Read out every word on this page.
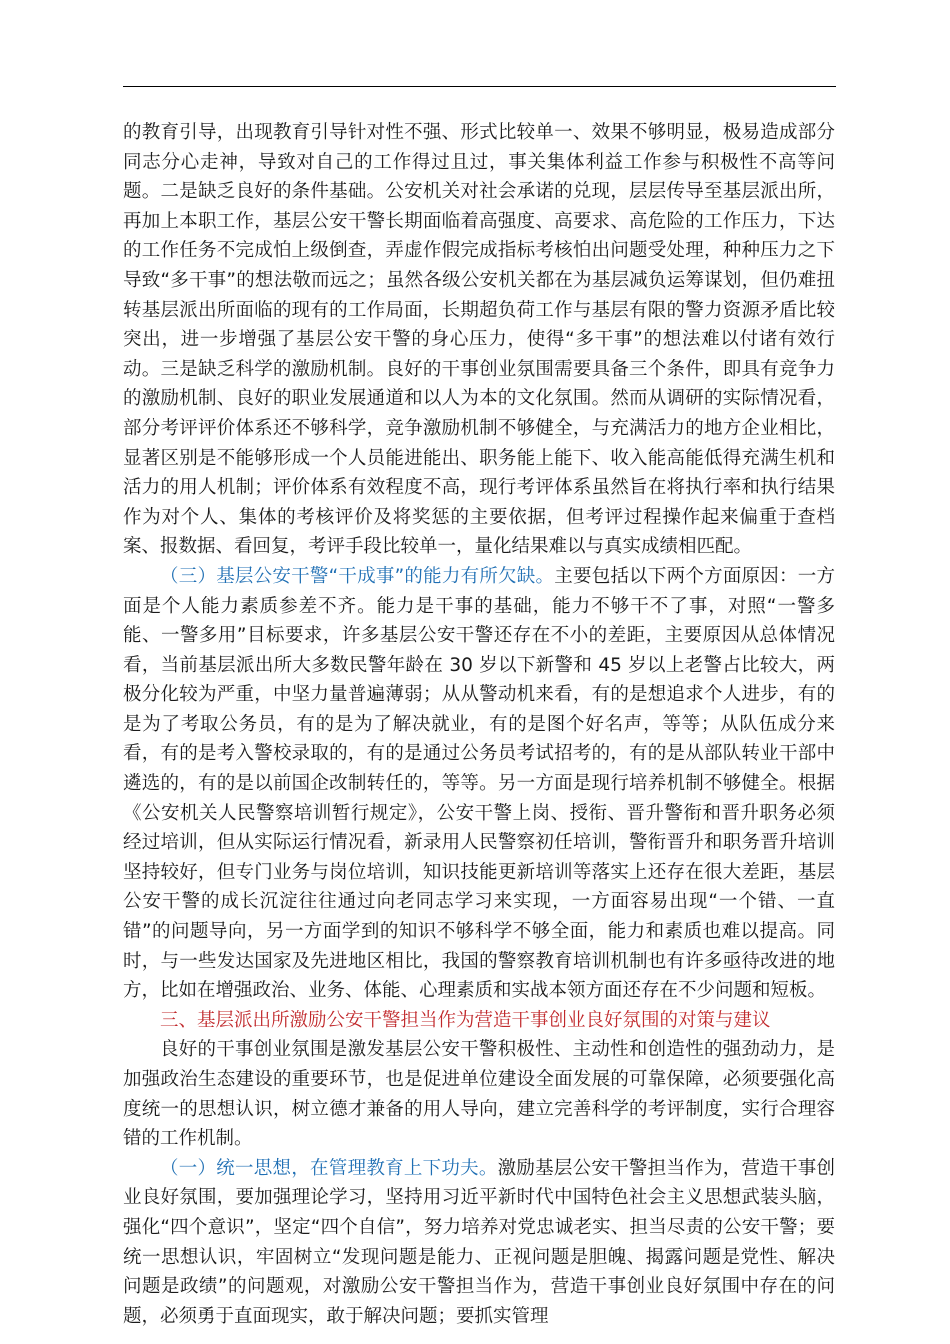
的教育引导，出现教育引导针对性不强、形式比较单一、效果不够明显，极易造成部分同志分心走神，导致对自己的工作得过且过，事关集体利益工作参与积极性不高等问题。二是缺乏良好的条件基础。公安机关对社会承诺的兑现，层层传导至基层派出所，再加上本职工作，基层公安干警长期面临着高强度、高要求、高危险的工作压力，下达的工作任务不完成怕上级倒查，弄虚作假完成指标考核怕出问题受处理，种种压力之下导致“多干事”的想法敬而远之；虽然各级公安机关都在为基层减负运筹谋划，但仍难扭转基层派出所面临的现有的工作局面，长期超负荷工作与基层有限的警力资源矛盾比较突出，进一步增强了基层公安干警的身心压力，使得“多干事”的想法难以付诸有效行动。三是缺乏科学的激励机制。良好的干事创业氛围需要具备三个条件，即具有竞争力的激励机制、良好的职业发展通道和以人为本的文化氛围。然而从调研的实际情况看，部分考评评价体系还不够科学，竞争激励机制不够健全，与充满活力的地方企业相比，显著区别是不能够形成一个人员能进能出、职务能上能下、收入能高能低得充满生机和活力的用人机制；评价体系有效程度不高，现行考评体系虽然旨在将执行率和执行结果作为对个人、集体的考核评价及将奖惩的主要依据，但考评过程操作起来偏重于查档案、报数据、看回复，考评手段比较单一，量化结果难以与真实成绩相匹配。

（三）基层公安干警“干成事”的能力有所欠缺。主要包括以下两个方面原因：一方面是个人能力素质参差不齐。能力是干事的基础，能力不够干不了事，对照“一警多能、一警多用”目标要求，许多基层公安干警还存在不小的差距，主要原因从总体情况看，当前基层派出所大多数民警年龄在 30 岁以下新警和 45 岁以上老警占比较大，两极分化较为严重，中坚力量普遍薄弱；从从警动机来看，有的是想追求个人进步，有的是为了考取公务员，有的是为了解决就业，有的是图个好名声，等等；从队伍成分来看，有的是考入警校录取的，有的是通过公务员考试招考的，有的是从部队转业干部中遴选的，有的是以前国企改制转任的，等等。另一方面是现行培养机制不够健全。根据《公安机关人民警察培训暂行规定》，公安干警上岗、授衔、晋升警衔和晋升职务必须经过培训，但从实际运行情况看，新录用人民警察初任培训，警衔晋升和职务晋升培训坚持较好，但专门业务与岗位培训，知识技能更新培训等落实上还存在很大差距，基层公安干警的成长沉淀往往通过向老同志学习来实现，一方面容易出现“一个错、一直错”的问题导向，另一方面学到的知识不够科学不够全面，能力和素质也难以提高。同时，与一些发达国家及先进地区相比，我国的警察教育培训机制也有许多亟待改进的地方，比如在增强政治、业务、体能、心理素质和实战本领方面还存在不少问题和短板。

三、基层派出所激励公安干警担当作为营造干事创业良好氛围的对策与建议

良好的干事创业氛围是激发基层公安干警积极性、主动性和创造性的强劲动力，是加强政治生态建设的重要环节，也是促进单位建设全面发展的可靠保障，必须要强化高度统一的思想认识，树立德才兼备的用人导向，建立完善科学的考评制度，实行合理容错的工作机制。

（一）统一思想，在管理教育上下功夫。激励基层公安干警担当作为，营造干事创业良好氛围，要加强理论学习，坚持用习近平新时代中国特色社会主义思想武装头脑，强化“四个意识”，坚定“四个自信”，努力培养对党忠诚老实、担当尽责的公安干警；要统一思想认识，牢固树立“发现问题是能力、正视问题是胆魄、揭露问题是党性、解决问题是政绩”的问题观，对激励公安干警担当作为，营造干事创业良好氛围中存在的问题，必须勇于直面现实，敢于解决问题；要抓实管理
